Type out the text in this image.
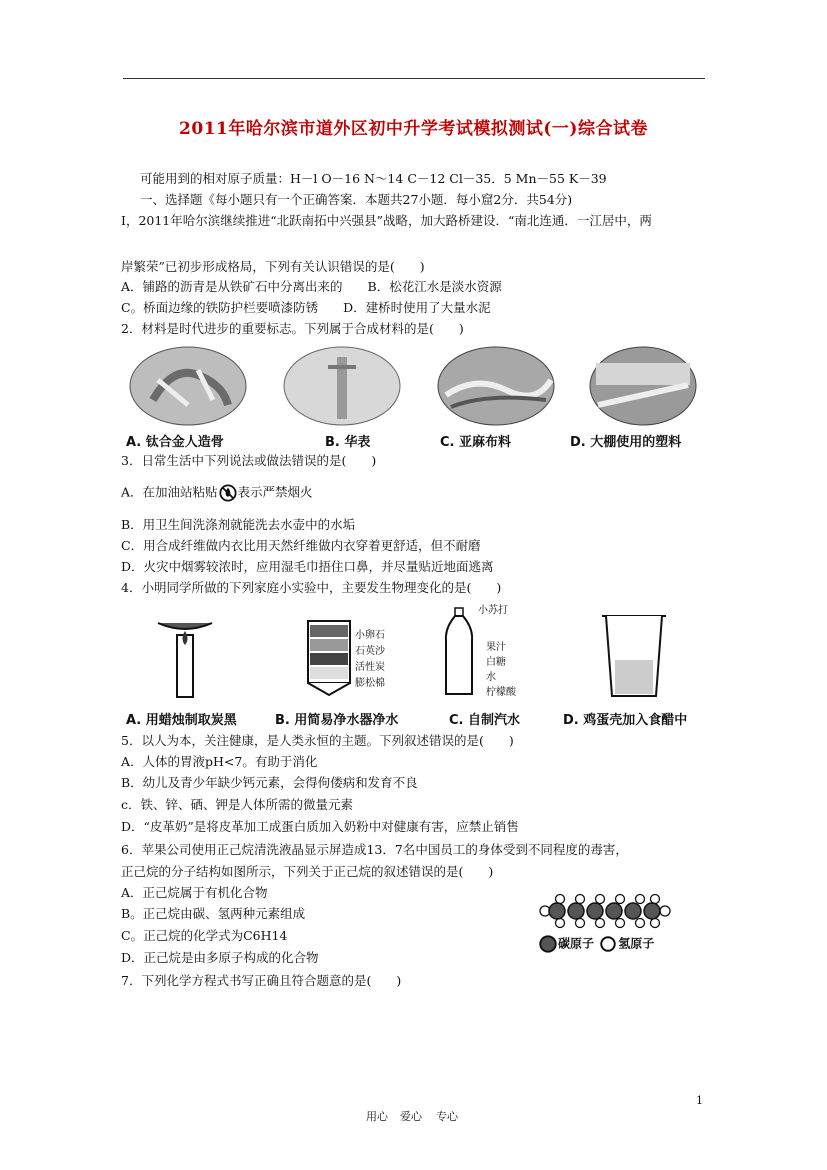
2011年哈尔滨市道外区初中升学考试模拟测试(一)综合试卷
可能用到的相对原子质量：H－l O－16 N～14 C－12 Cl－35．5 Mn－55 K－39
一、选择题《每小题只有一个正确答案．本题共27小题．每小窟2分．共54分)
I，2011年哈尔滨继续推进“北跃南拓中兴强县”战略，加大路桥建设．“南北连通．一江居中，两
岸繁荣”已初步形成格局，下列有关认识错误的是(　　)
A．铺路的沥青是从铁矿石中分离出来的　　B．松花江水是淡水资源
C。桥面边缘的铁防护栏要喷漆防锈　　D．建桥时使用了大量水泥
2．材料是时代进步的重要标志。下列属于合成材料的是(　　)
A. 钛合金人造骨	B. 华表	C. 亚麻布料	D. 大棚使用的塑料
3．日常生活中下列说法或做法错误的是(　　)
A．在加油站粘贴 表示严禁烟火
B．用卫生间洗涤剂就能洗去水壶中的水垢
C．用合成纤维做内衣比用天然纤维做内衣穿着更舒适，但不耐磨
D．火灾中烟雾较浓时，应用湿毛巾捂住口鼻，并尽量贴近地面逃离
4．小明同学所做的下列家庭小实验中，主要发生物理变化的是(　　)
小卵石
石英沙
活性炭
膨松棉
小苏打
果汁
白糖
水
柠檬酸
A. 用蜡烛制取炭黑	B. 用简易净水器净水	C. 自制汽水	D. 鸡蛋壳加入食醋中
5．以人为本，关注健康，是人类永恒的主题。下列叙述错误的是(　　)
A．人体的胃液pH<7。有助于消化
B．幼儿及青少年缺少钙元素，会得佝偻病和发育不良
c．铁、锌、硒、钾是人体所需的微量元素
D．“皮革奶”是将皮革加工成蛋白质加入奶粉中对健康有害，应禁止销售
6．苹果公司使用正己烷清洗液晶显示屏造成13．7名中国员工的身体受到不同程度的毒害，
正己烷的分子结构如图所示，下列关于正己烷的叙述错误的是(　　)
A．正己烷属于有机化合物
B。正己烷由碳、氢两种元素组成
C。正己烷的化学式为C6H14
D．正己烷是由多原子构成的化合物
7．下列化学方程式书写正确且符合题意的是(　　)
碳原子 氢原子
用心 爱心 专心
1
